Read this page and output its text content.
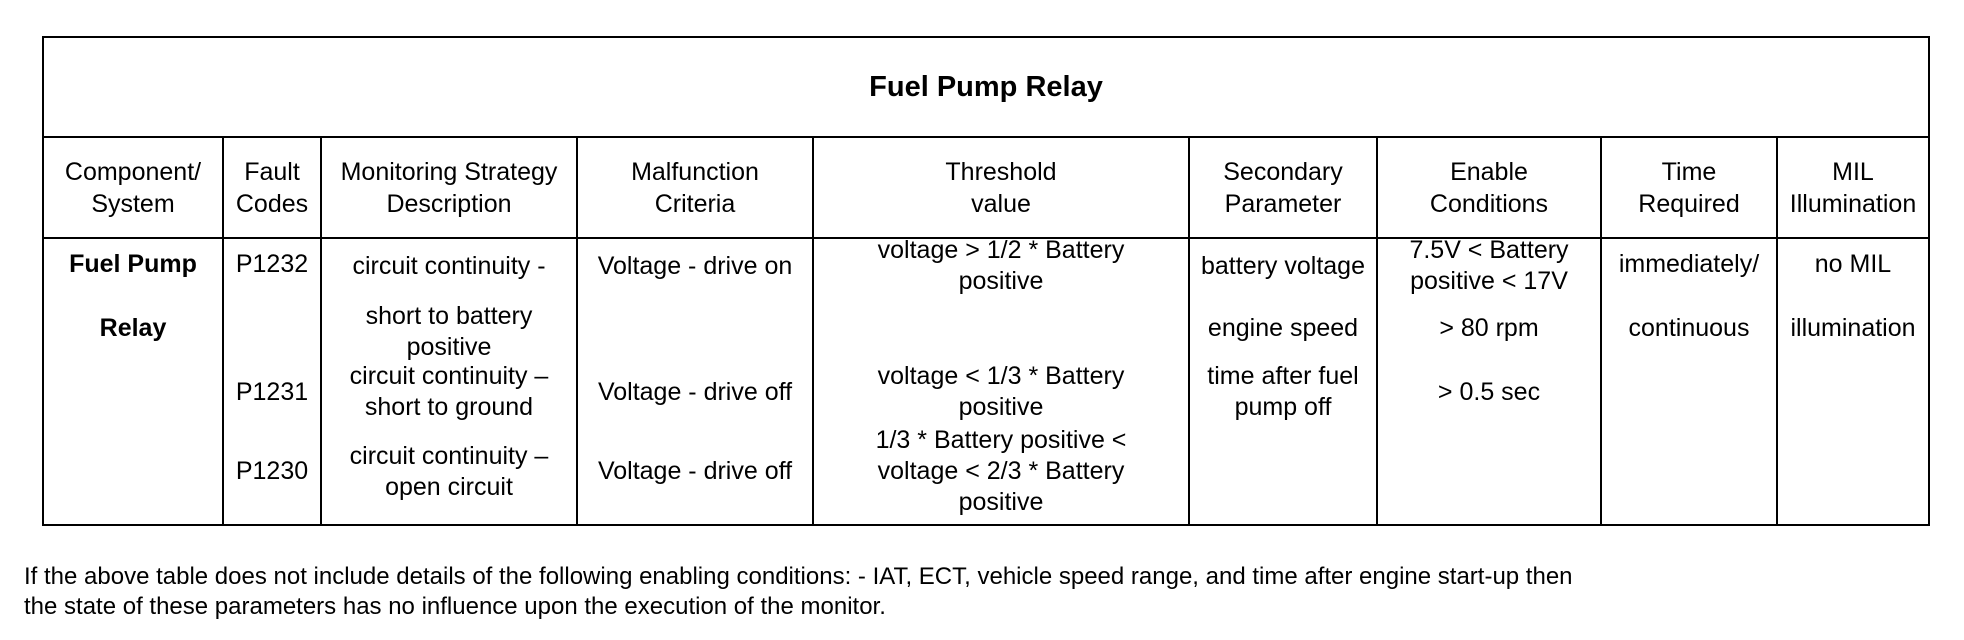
Fuel Pump Relay
Component/
System
Fault
Codes
Monitoring Strategy
Description
Malfunction
Criteria
Threshold
value
Secondary
Parameter
Enable
Conditions
Time
Required
MIL
Illumination
Fuel Pump
Relay
P1232
P1231
P1230
circuit continuity -
short to battery
positive
circuit continuity –
short to ground
circuit continuity –
open circuit
Voltage - drive on
Voltage - drive off
Voltage - drive off
voltage > 1/2 * Battery
positive
voltage < 1/3 * Battery
positive
1/3 * Battery positive <
voltage < 2/3 * Battery
positive
battery voltage
engine speed
time after fuel
pump off
7.5V < Battery
positive < 17V
> 80 rpm
> 0.5 sec
immediately/
continuous
no MIL
illumination
If the above table does not include details of the following enabling conditions: - IAT, ECT, vehicle speed range, and time after engine start-up then
the state of these parameters has no influence upon the execution of the monitor.
